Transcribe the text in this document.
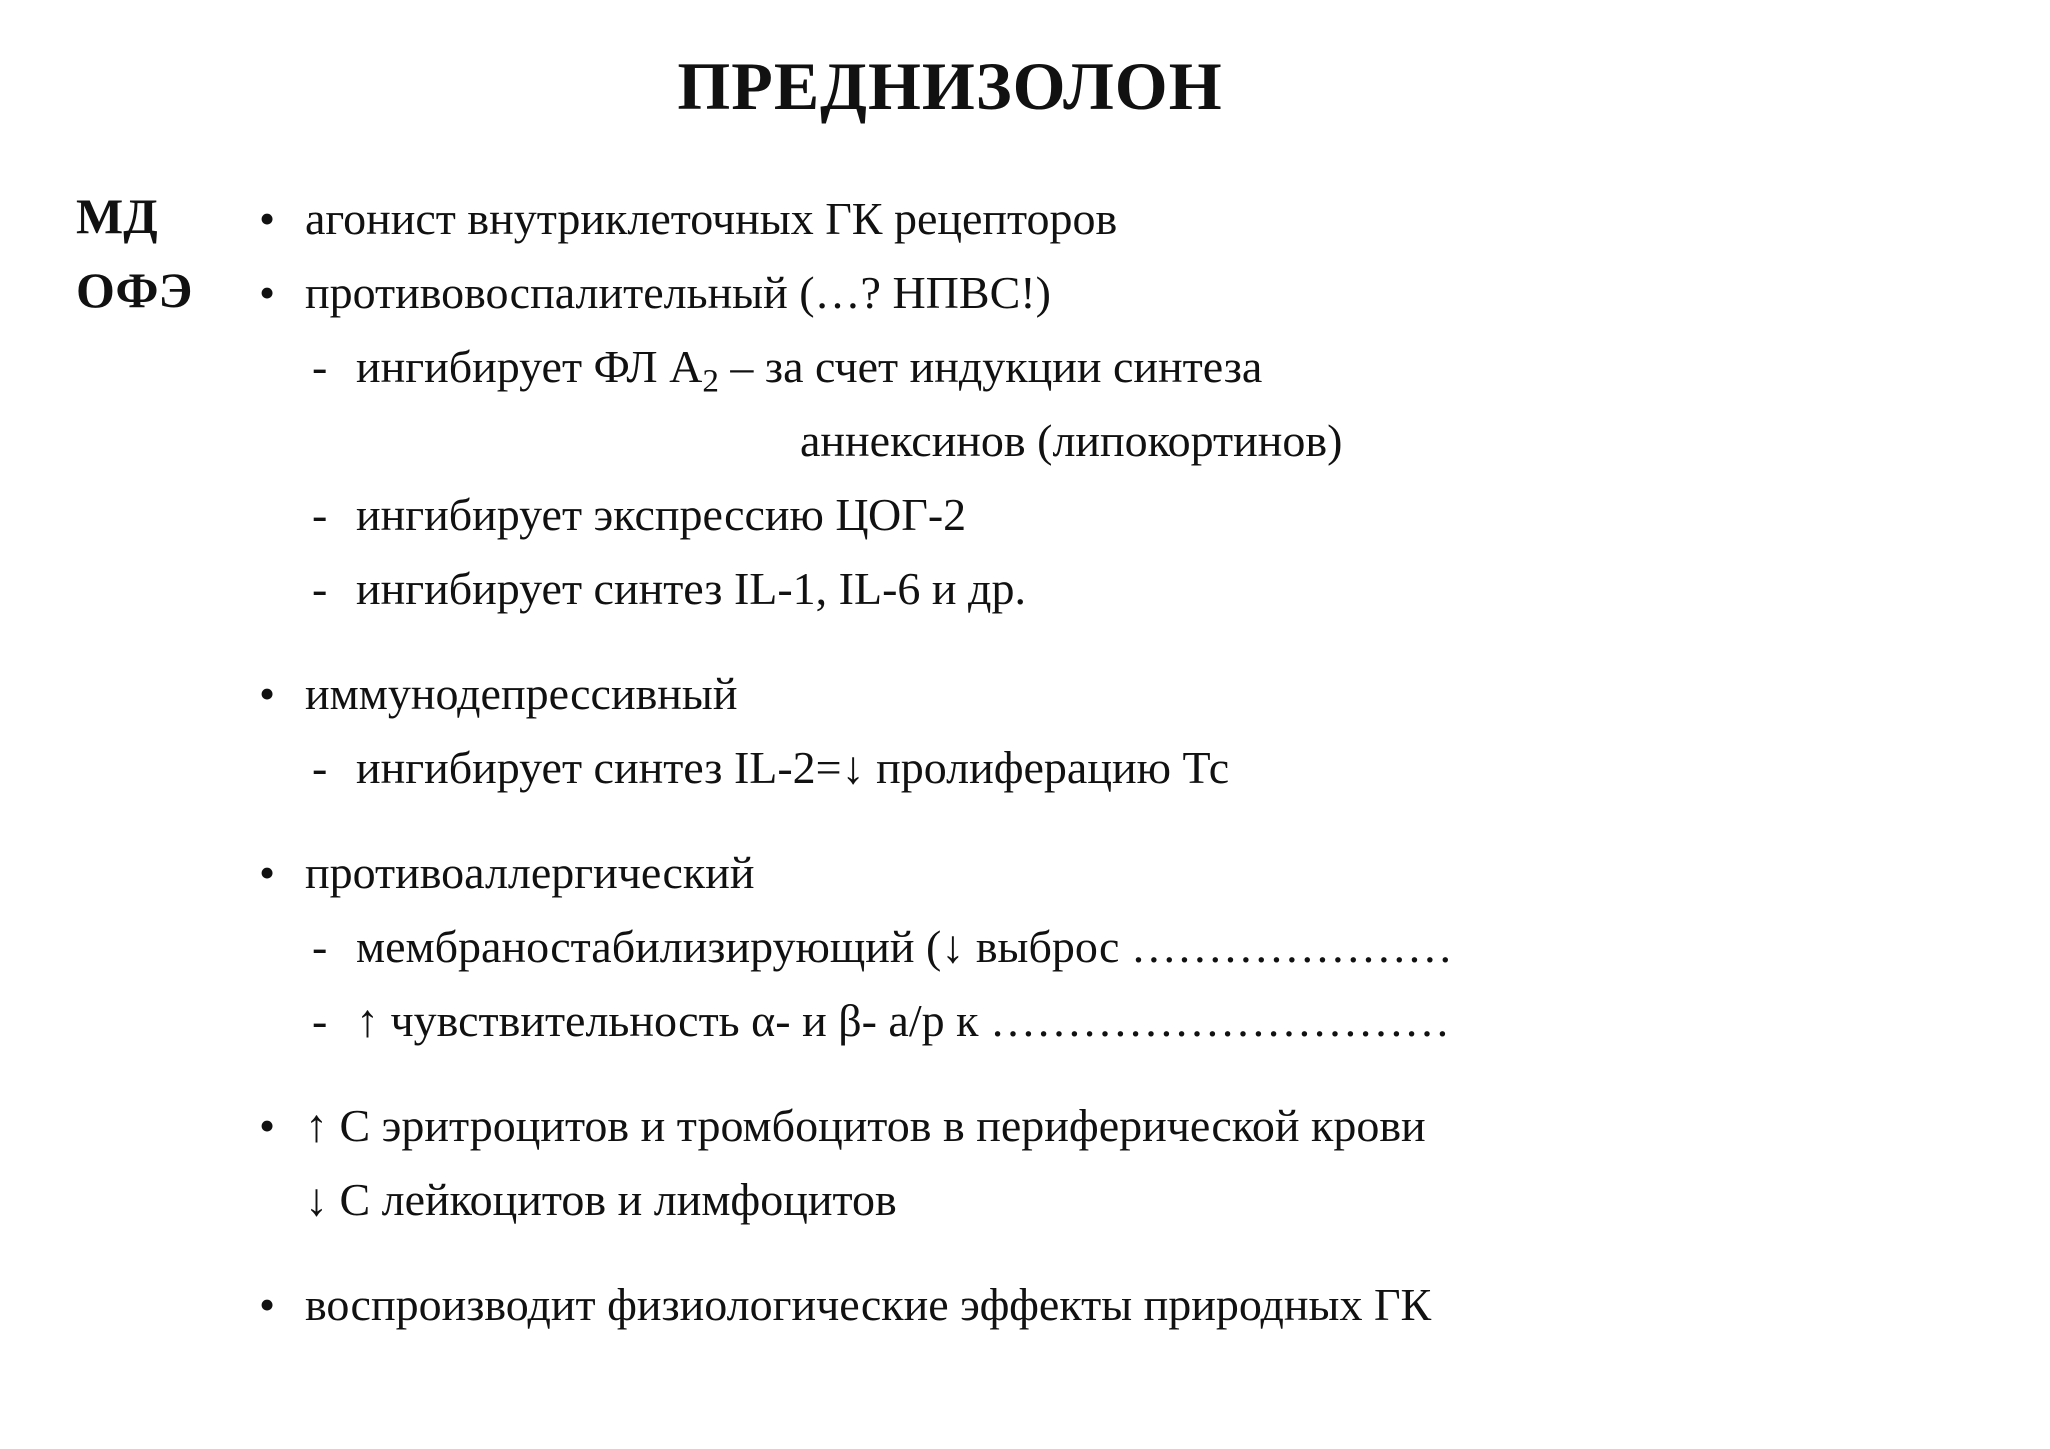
ПРЕДНИЗОЛОН
МД
ОФЭ
• агонист внутриклеточных ГК рецепторов
• противовоспалительный (…? НПВС!)
- ингибирует ФЛ $А_2$ – за счет индукции синтеза
аннексинов (липокортинов)
- ингибирует экспрессию ЦОГ-2
- ингибирует синтез IL-1, IL-6 и др.
• иммунодепрессивный
- ингибирует синтез IL-2=↓ пролиферацию Тс
• противоаллергический
- мембраностабилизирующий (↓ выброс …………………
- ↑ чувствительность α- и β- а/р к …………………………
• ↑ С эритроцитов и тромбоцитов в периферической крови
↓ С лейкоцитов и лимфоцитов
• воспроизводит физиологические эффекты природных ГК
